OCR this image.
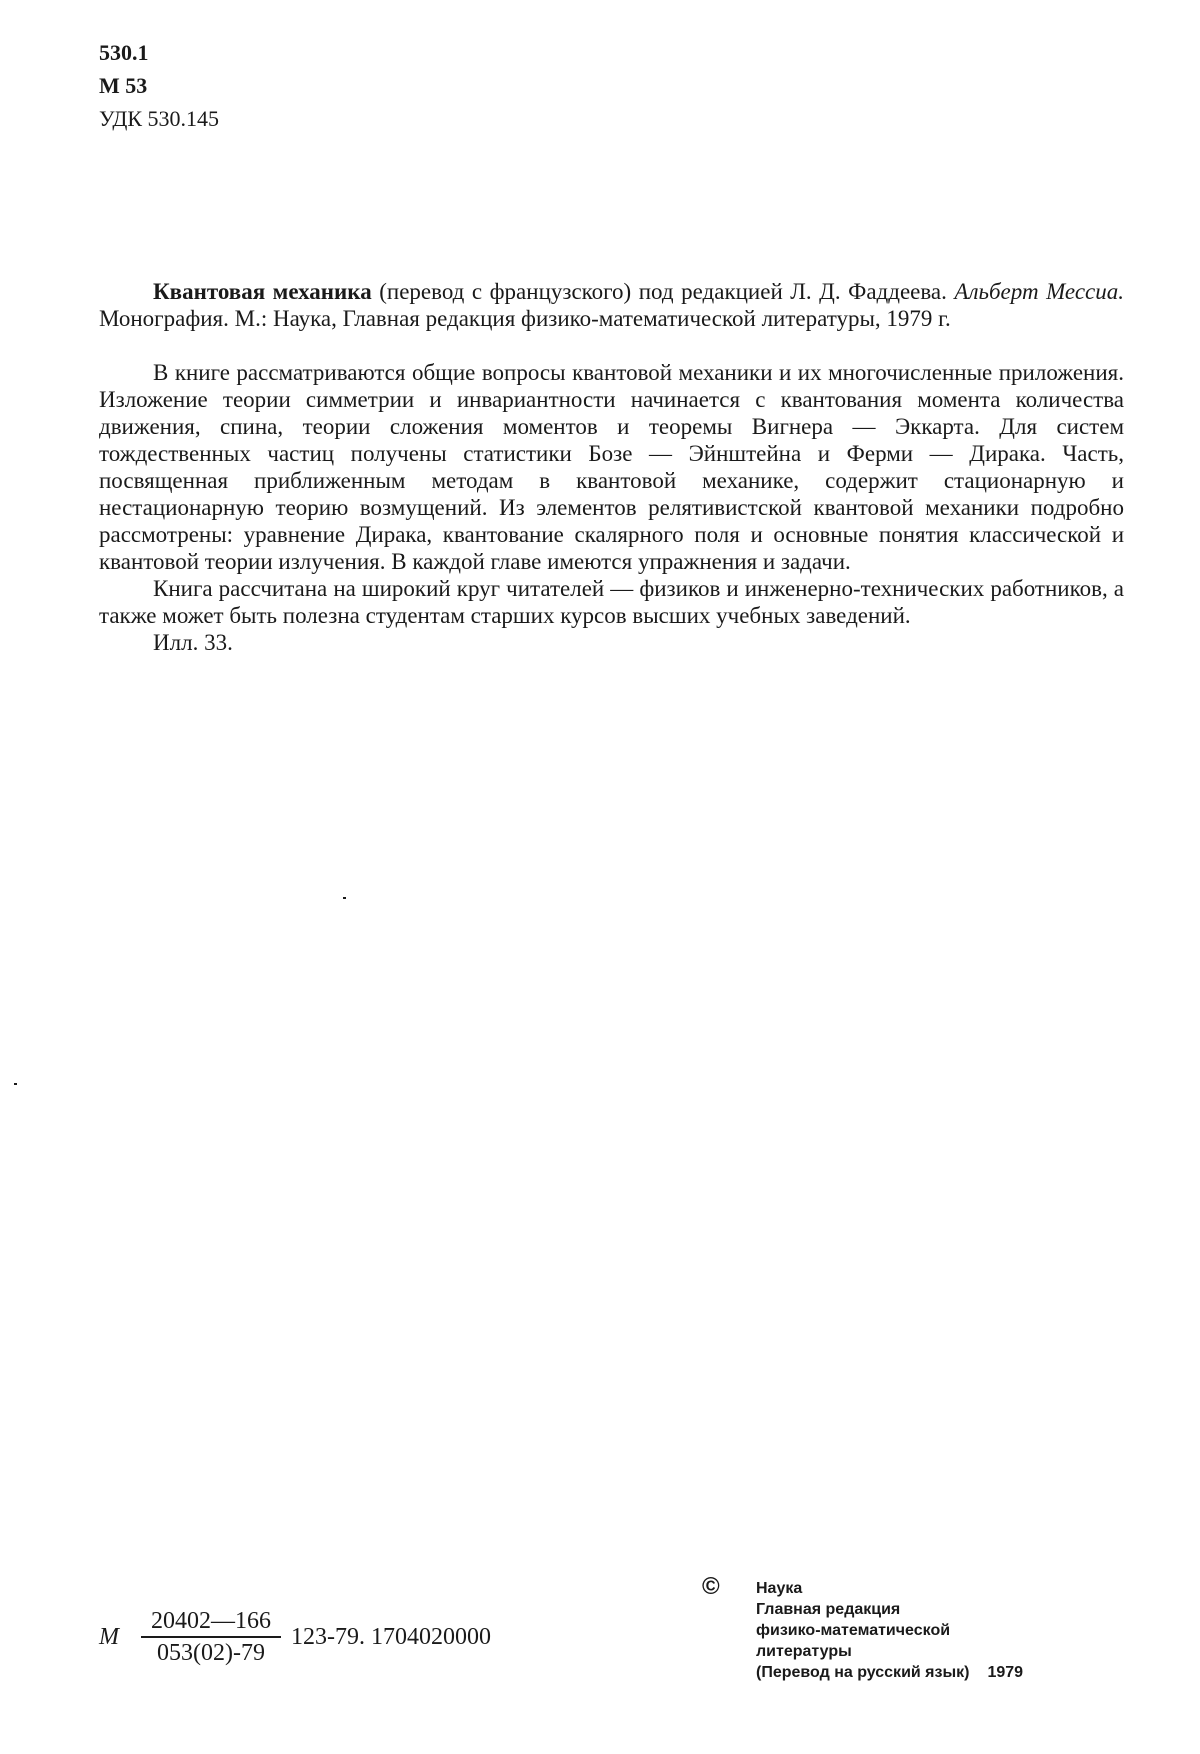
530.1
М 53
УДК 530.145

Квантовая механика (перевод с французского) под редакцией Л. Д. Фаддеева. Альберт Мессиа. Монография. М.: Наука, Главная редакция физико-математической литературы, 1979 г.

В книге рассматриваются общие вопросы квантовой механики и их многочисленные приложения. Изложение теории симметрии и инвариантности начинается с квантования момента количества движения, спина, теории сложения моментов и теоремы Вигнера — Эккарта. Для систем тождественных частиц получены статистики Бозе — Эйнштейна и Ферми — Дирака. Часть, посвященная приближенным методам в квантовой механике, содержит стационарную и нестационарную теорию возмущений. Из элементов релятивистской квантовой механики подробно рассмотрены: уравнение Дирака, квантование скалярного поля и основные понятия классической и квантовой теории излучения. В каждой главе имеются упражнения и задачи.

Книга рассчитана на широкий круг читателей — физиков и инженерно-технических работников, а также может быть полезна студентам старших курсов высших учебных заведений.

Илл. 33.

М
20402—166
053(02)-79
123-79. 1704020000
© Наука
Главная редакция
физико-математической
литературы
(Перевод на русский язык) 1979
